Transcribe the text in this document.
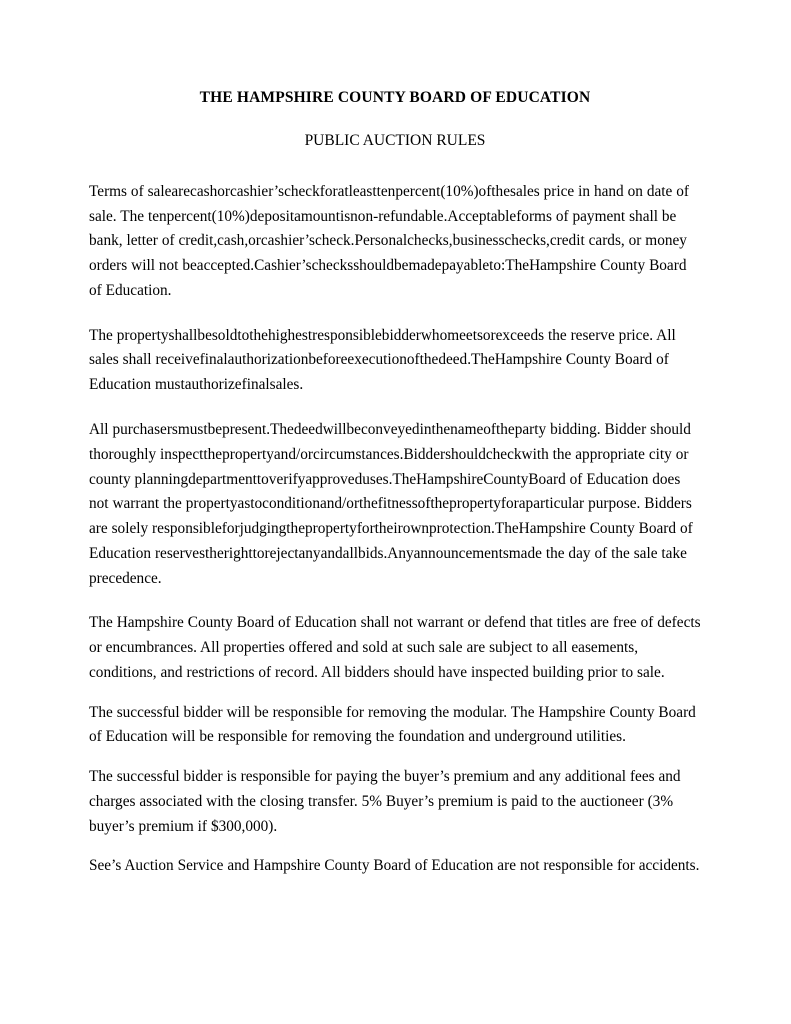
THE HAMPSHIRE COUNTY BOARD OF EDUCATION
PUBLIC AUCTION RULES

Terms of salearecashorcashier’scheckforatleasttenpercent(10%)ofthesales price in hand on date of sale. The tenpercent(10%)depositamountisnon-refundable.Acceptableforms of payment shall be bank, letter of credit,cash,orcashier’scheck.Personalchecks,businesschecks,credit cards, or money orders will not beaccepted.Cashier’schecksshouldbemadepayableto:TheHampshire County Board of Education.

The propertyshallbesoldtothehighestresponsiblebidderwhomeetsorexceeds the reserve price. All sales shall receivefinalauthorizationbeforeexecutionofthedeed.TheHampshire County Board of Education mustauthorizefinalsales.

All purchasersmustbepresent.Thedeedwillbeconveyedinthenameoftheparty bidding. Bidder should thoroughly inspectthepropertyand/orcircumstances.Biddershouldcheckwith the appropriate city or county planningdepartmenttoverifyapproveduses.TheHampshireCountyBoard of Education does not warrant the propertyastoconditionand/orthefitnessofthepropertyforaparticular purpose. Bidders are solely responsibleforjudgingthepropertyfortheirownprotection.TheHampshire County Board of Education reservestherighttorejectanyandallbids.Anyannouncementsmade the day of the sale take precedence.

The Hampshire County Board of Education shall not warrant or defend that titles are free of defects or encumbrances. All properties offered and sold at such sale are subject to all easements, conditions, and restrictions of record. All bidders should have inspected building prior to sale.

The successful bidder will be responsible for removing the modular. The Hampshire County Board of Education will be responsible for removing the foundation and underground utilities.

The successful bidder is responsible for paying the buyer’s premium and any additional fees and charges associated with the closing transfer. 5% Buyer’s premium is paid to the auctioneer (3% buyer’s premium if $300,000).

See’s Auction Service and Hampshire County Board of Education are not responsible for accidents.
